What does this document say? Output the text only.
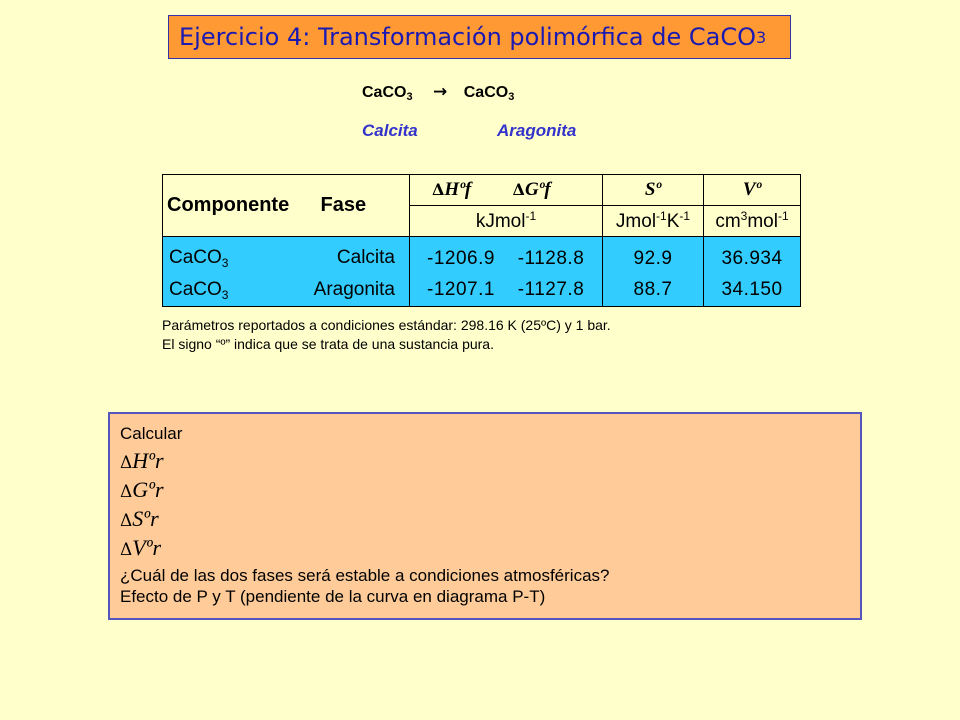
Ejercicio 4: Transformación polimórfica de CaCO 3
CaCO$_3$ → CaCO$_3$
Calcita	Aragonita
Componente Fase	ΔHºf ΔGºf	Sº	Vº
	kJmol$^{-1}$	$Jmol^{-1}K^{-1}$	$cm^3mol^{-1}$
CaCO$_3$ Calcita	-1206.9 -1128.8	92.9	36.934
CaCO$_3$ Aragonita	-1207.1 -1127.8	88.7	34.150
Parámetros reportados a condiciones estándar: 298.16 K (25ºC) y 1 bar.
El signo “º” indica que se trata de una sustancia pura.
Calcular
ΔHºr
ΔGºr
ΔSºr
ΔVºr
¿Cuál de las dos fases será estable a condiciones atmosféricas?
Efecto de P y T (pendiente de la curva en diagrama P-T)
